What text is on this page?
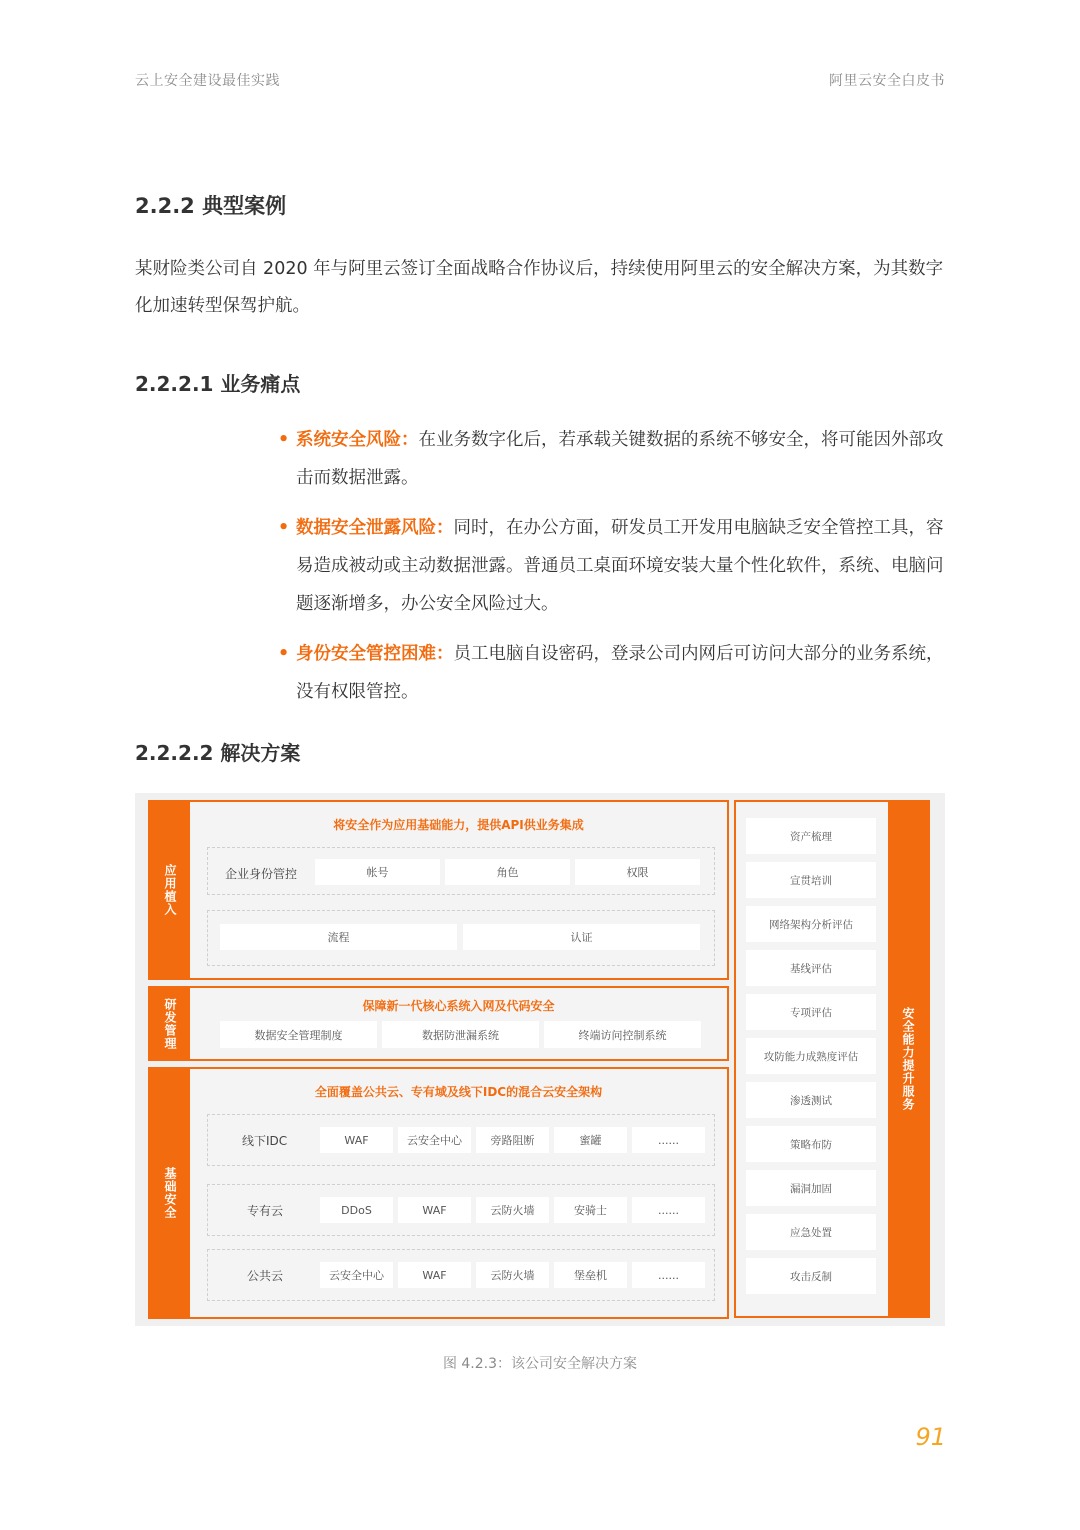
云上安全建设最佳实践	阿里云安全白皮书
2.2.2 典型案例

某财险类公司自 2020 年与阿里云签订全面战略合作协议后，持续使用阿里云的安全解决方案，为其数字化加速转型保驾护航。

2.2.2.1 业务痛点
• 系统安全风险：在业务数字化后，若承载关键数据的系统不够安全，将可能因外部攻击而数据泄露。
• 数据安全泄露风险：同时，在办公方面，研发员工开发用电脑缺乏安全管控工具，容易造成被动或主动数据泄露。普通员工桌面环境安装大量个性化软件，系统、电脑问题逐渐增多，办公安全风险过大。
• 身份安全管控困难：员工电脑自设密码，登录公司内网后可访问大部分的业务系统，没有权限管控。
2.2.2.2 解决方案
应用植入
将安全作为应用基础能力，提供API供业务集成
企业身份管控	帐号	角色	权限
流程	认证
研发管理	保障新一代核心系统入网及代码安全
数据安全管理制度	数据防泄漏系统	终端访问控制系统
基础安全
全面覆盖公共云、专有域及线下IDC的混合云安全架构
线下IDC	WAF	云安全中心	旁路阻断	蜜罐	......
专有云	DDoS	WAF	云防火墙	安骑士	......
公共云	云安全中心	WAF	云防火墙	堡垒机	......
安全能力提升服务
资产梳理
宣贯培训
网络架构分析评估
基线评估
专项评估
攻防能力成熟度评估
渗透测试
策略布防
漏洞加固
应急处置
攻击反制
图 4.2.3：该公司安全解决方案
91
